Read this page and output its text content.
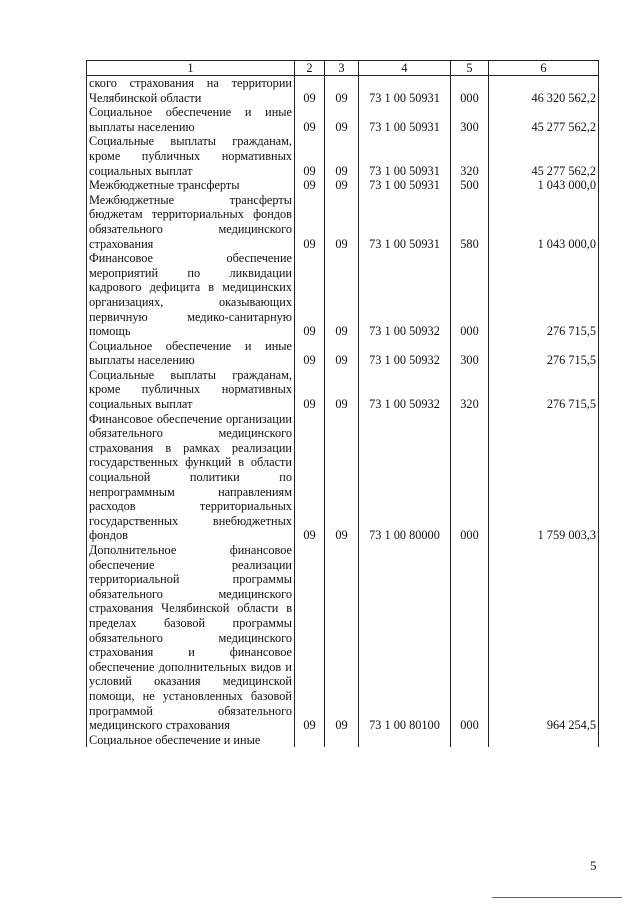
1	2	3	4	5	6
ского страхования на территории Челябинской области	09	09	73 1 00 50931	000	46 320 562,2
Социальное обеспечение и иные выплаты населению	09	09	73 1 00 50931	300	45 277 562,2
Социальные выплаты гражданам, кроме публичных нормативных социальных выплат	09	09	73 1 00 50931	320	45 277 562,2
Межбюджетные трансферты	09	09	73 1 00 50931	500	1 043 000,0
Межбюджетные трансферты бюджетам территориальных фондов обязательного медицинского страхования	09	09	73 1 00 50931	580	1 043 000,0
Финансовое обеспечение мероприятий по ликвидации кадрового дефицита в медицинских организациях, оказывающих первичную медико-санитарную помощь	09	09	73 1 00 50932	000	276 715,5
Социальное обеспечение и иные выплаты населению	09	09	73 1 00 50932	300	276 715,5
Социальные выплаты гражданам, кроме публичных нормативных социальных выплат	09	09	73 1 00 50932	320	276 715,5
Финансовое обеспечение организации обязательного медицинского страхования в рамках реализации государственных функций в области социальной политики по непрограммным направлениям расходов территориальных государственных внебюджетных фондов	09	09	73 1 00 80000	000	1 759 003,3
Дополнительное финансовое обеспечение реализации территориальной программы обязательного медицинского страхования Челябинской области в пределах базовой программы обязательного медицинского страхования и финансовое обеспечение дополнительных видов и условий оказания медицинской помощи, не установленных базовой программой обязательного медицинского страхования	09	09	73 1 00 80100	000	964 254,5
Социальное обеспечение и иные					
5
